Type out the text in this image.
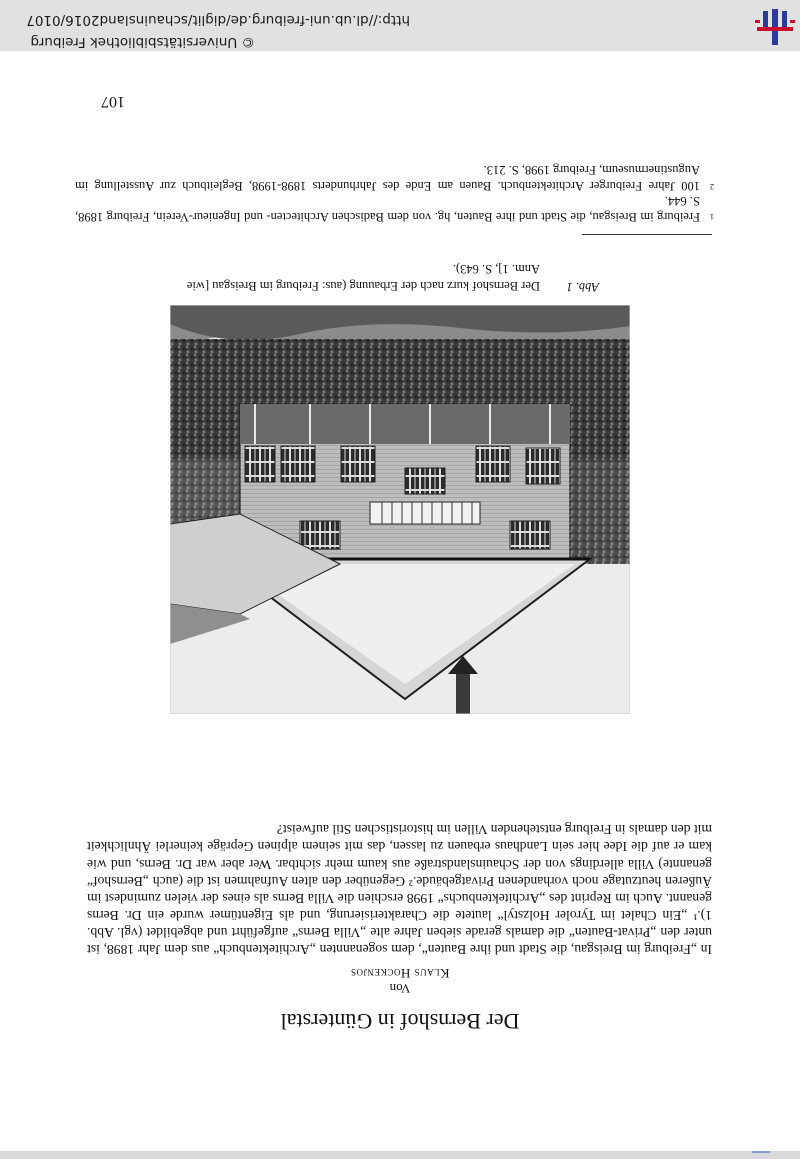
107
Der Bernshof in Günterstal
Von
Klaus Hockenjos
In „Freiburg im Breisgau, die Stadt und ihre Bauten“, dem sogenannten „Architektenbuch“ aus dem Jahr 1898, ist unter den „Privat-Bauten“ die damals gerade sieben Jahre alte „Villa Berns“ aufgeführt und abgebildet (vgl. Abb. 1).¹ „Ein Chalet im Tyroler Holzstyl“ lautete die Charakterisierung, und als Eigentümer wurde ein Dr. Berns genannt. Auch im Reprint des „Architektenbuchs“ 1998 erschien die Villa Berns als eines der vielen zumindest im Äußeren heutzutage noch vorhandenen Privatgebäude.² Gegenüber den alten Aufnahmen ist die (auch „Bernshof“ genannte) Villa allerdings von der Schauinslandstraße aus kaum mehr sichtbar. Wer aber war Dr. Berns, und wie kam er auf die Idee hier sein Landhaus erbauen zu lassen, das mit seinem alpinen Gepräge keinerlei Ähnlichkeit mit den damals in Freiburg entstehenden Villen im historistischen Stil aufweist?
Abb. 1
Der Bernshof kurz nach der Erbauung (aus: Freiburg im Breisgau [wie Anm. 1], S. 643).
1
Freiburg im Breisgau, die Stadt und ihre Bauten, hg. von dem Badischen Architecten- und Ingenieur-Verein, Freiburg 1898, S. 644.
2
100 Jahre Freiburger Architektenbuch. Bauen am Ende des Jahrhunderts 1898-1998, Begleitbuch zur Ausstellung im Augustinermuseum, Freiburg 1998, S. 213.
© Universitätsbibliothek Freiburg
http://dl.ub.uni-freiburg.de/diglit/schauinsland2016/0107
